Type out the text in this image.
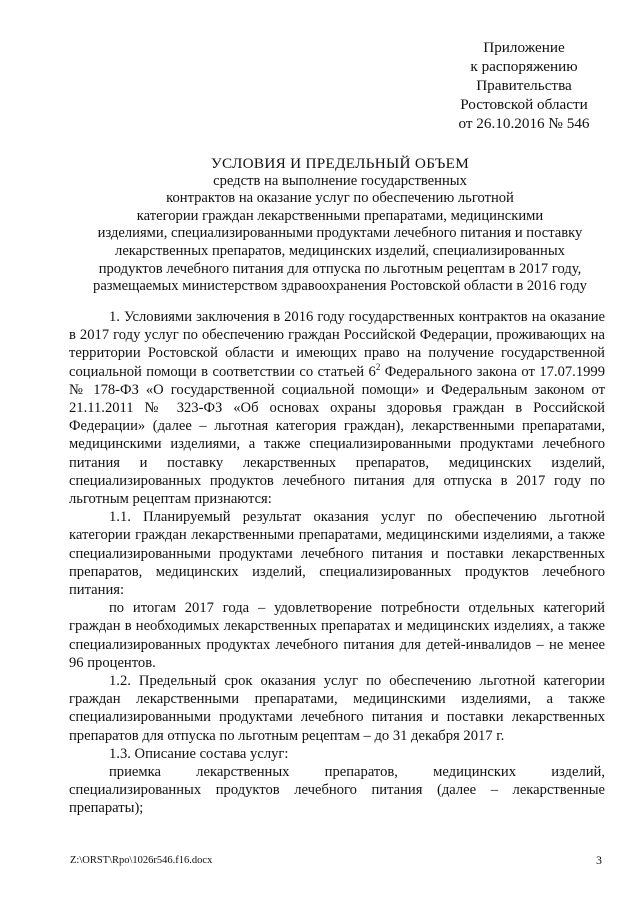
Приложение
к распоряжению
Правительства
Ростовской области
от 26.10.2016 № 546
УСЛОВИЯ И ПРЕДЕЛЬНЫЙ ОБЪЕМ
средств на выполнение государственных
контрактов на оказание услуг по обеспечению льготной
категории граждан лекарственными препаратами, медицинскими
изделиями, специализированными продуктами лечебного питания и поставку
лекарственных препаратов, медицинских изделий, специализированных
продуктов лечебного питания для отпуска по льготным рецептам в 2017 году,
размещаемых министерством здравоохранения Ростовской области в 2016 году

1. Условиями заключения в 2016 году государственных контрактов на оказание в 2017 году услуг по обеспечению граждан Российской Федерации, проживающих на территории Ростовской области и имеющих право на получение государственной социальной помощи в соответствии со статьей $6^2$ Федерального закона от 17.07.1999 № 178-ФЗ «О государственной социальной помощи» и Федеральным законом от 21.11.2011 № 323-ФЗ «Об основах охраны здоровья граждан в Российской Федерации» (далее – льготная категория граждан), лекарственными препаратами, медицинскими изделиями, а также специализированными продуктами лечебного питания и поставку лекарственных препаратов, медицинских изделий, специализированных продуктов лечебного питания для отпуска в 2017 году по льготным рецептам признаются:

1.1. Планируемый результат оказания услуг по обеспечению льготной категории граждан лекарственными препаратами, медицинскими изделиями, а также специализированными продуктами лечебного питания и поставки лекарственных препаратов, медицинских изделий, специализированных продуктов лечебного питания:

по итогам 2017 года – удовлетворение потребности отдельных категорий граждан в необходимых лекарственных препаратах и медицинских изделиях, а также специализированных продуктах лечебного питания для детей-инвалидов – не менее 96 процентов.

1.2. Предельный срок оказания услуг по обеспечению льготной категории граждан лекарственными препаратами, медицинскими изделиями, а также специализированными продуктами лечебного питания и поставки лекарственных препаратов для отпуска по льготным рецептам – до 31 декабря 2017 г.

1.3. Описание состава услуг:

приемка лекарственных препаратов, медицинских изделий, специализированных продуктов лечебного питания (далее – лекарственные препараты);

Z:\ORST\Rpo\1026r546.f16.docx	3
